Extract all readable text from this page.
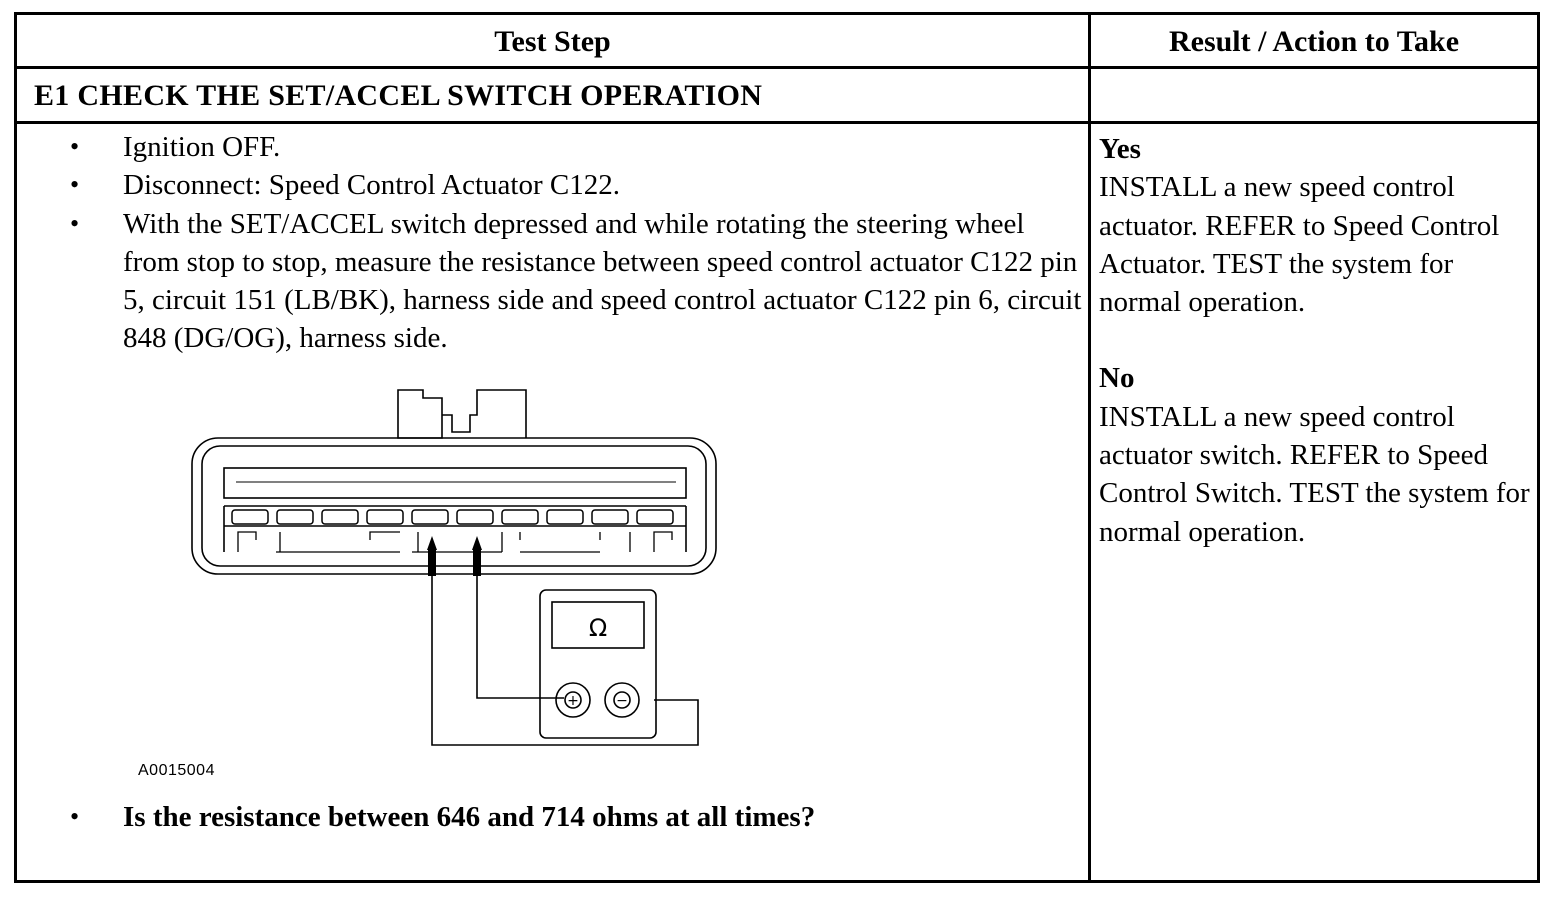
Test Step	Result / Action to Take
E1 CHECK THE SET/ACCEL SWITCH OPERATION
• Ignition OFF.
• Disconnect: Speed Control Actuator C122.
• With the SET/ACCEL switch depressed and while rotating the steering wheel from stop to stop, measure the resistance between speed control actuator C122 pin 5, circuit 151 (LB/BK), harness side and speed control actuator C122 pin 6, circuit 848 (DG/OG), harness side.
Ω
+	−
A0015004
• Is the resistance between 646 and 714 ohms at all times?

Yes

INSTALL a new speed control actuator. REFER to Speed Control Actuator. TEST the system for normal operation.

No

INSTALL a new speed control actuator switch. REFER to Speed Control Switch. TEST the system for normal operation.
